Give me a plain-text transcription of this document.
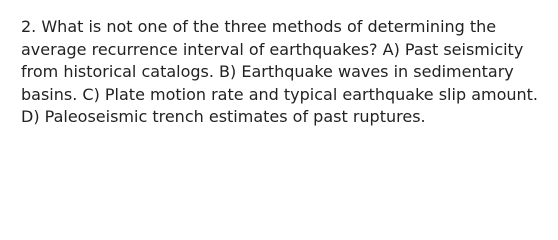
2. What is not one of the three methods of determining the
average recurrence interval of earthquakes? A) Past seismicity
from historical catalogs. B) Earthquake waves in sedimentary
basins. C) Plate motion rate and typical earthquake slip amount.
D) Paleoseismic trench estimates of past ruptures.
